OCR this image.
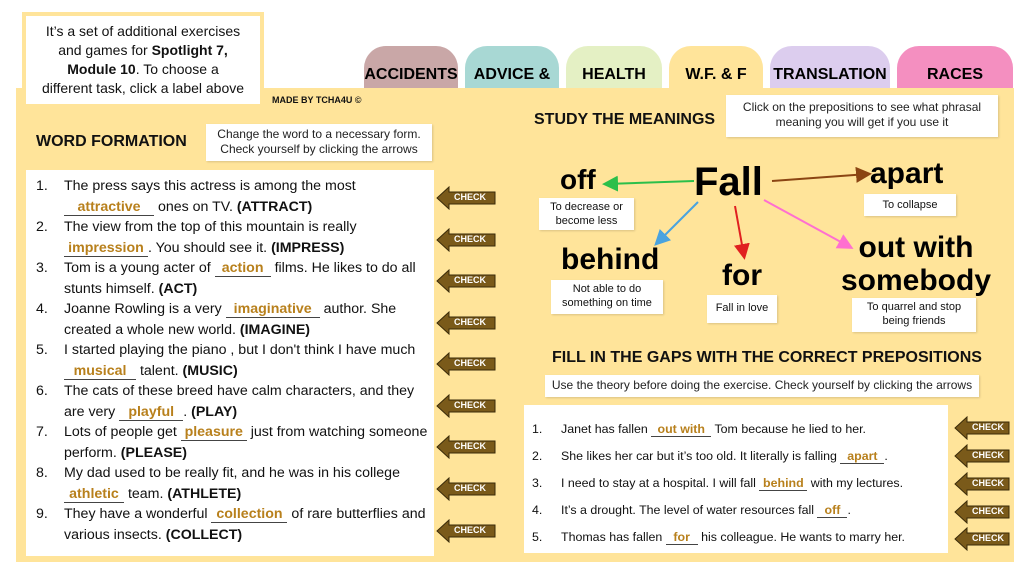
It’s a set of additional exercises
and games for Spotlight 7,
Module 10. To choose a
different task, click a label above
ACCIDENTS	ADVICE &	HEALTH	W.F. & F	TRANSLATION	RACES
MADE BY TCHA4U ©
WORD FORMATION	Change the word to a necessary form.
Check yourself by clicking the arrows
1.	The press says this actress is among the most
attractive ones on TV. (ATTRACT)
2.	The view from the top of this mountain is really
impression . You should see it. (IMPRESS)
3.	Tom is a young acter of action films. He likes to do all stunts himself. (ACT)
4.	Joanne Rowling is a very imaginative author. She created a whole new world. (IMAGINE)
5.	I started playing the piano , but I don't think I have much musical talent. (MUSIC)
6.	The cats of these breed have calm characters, and they are very playful . (PLAY)
7.	Lots of people get pleasure just from watching someone perform. (PLEASE)
8.	My dad used to be really fit, and he was in his college athletic team. (ATHLETE)
9.	They have a wonderful collection of rare butterflies and various insects. (COLLECT)
CHECK
CHECK
CHECK
CHECK
CHECK
CHECK
CHECK
CHECK
CHECK
STUDY THE MEANINGS
Click on the prepositions to see what phrasal
meaning you will get if you use it
Fall
off
To decrease or become less
apart
To collapse
behind
Not able to do something on time
for
Fall in love
out with somebody
To quarrel and stop being friends
FILL IN THE GAPS WITH THE CORRECT PREPOSITIONS
Use the theory before doing the exercise. Check yourself by clicking the arrows
1.	Janet has fallen out with Tom because he lied to her.
2.	She likes her car but it’s too old. It literally is falling apart .
3.	I need to stay at a hospital. I will fall behind with my lectures.
4.	It’s a drought. The level of water resources fall off .
5.	Thomas has fallen for his colleague. He wants to marry her.
CHECK
CHECK
CHECK
CHECK
CHECK
